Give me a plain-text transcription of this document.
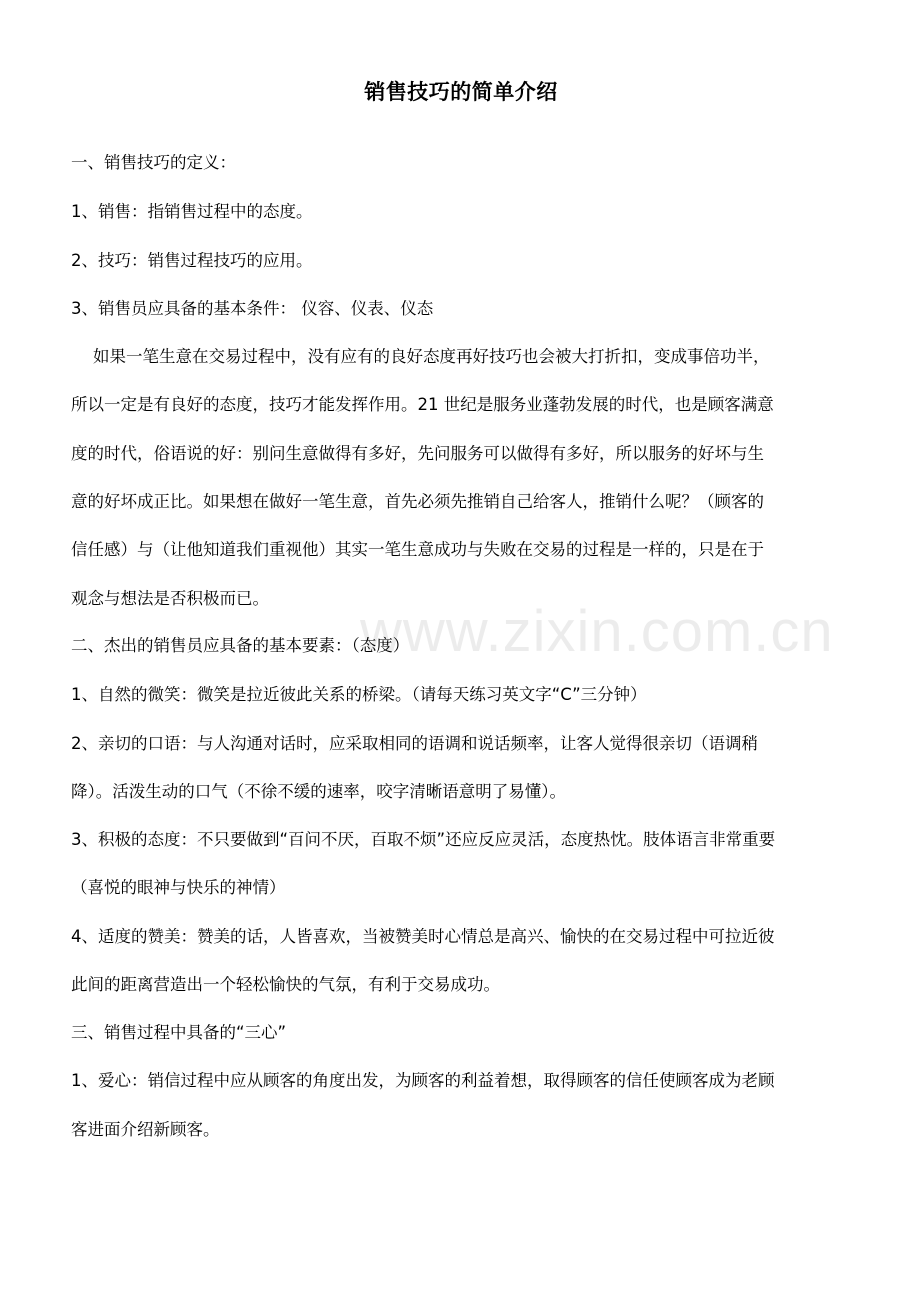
销售技巧的简单介绍
一、销售技巧的定义：
1、销售：指销售过程中的态度。
2、技巧：销售过程技巧的应用。
3、销售员应具备的基本条件： 仪容、仪表、仪态
如果一笔生意在交易过程中，没有应有的良好态度再好技巧也会被大打折扣，变成事倍功半，
所以一定是有良好的态度，技巧才能发挥作用。21 世纪是服务业蓬勃发展的时代，也是顾客满意
度的时代，俗语说的好：别问生意做得有多好，先问服务可以做得有多好，所以服务的好坏与生
意的好坏成正比。如果想在做好一笔生意，首先必须先推销自己给客人，推销什么呢？（顾客的
信任感）与（让他知道我们重视他）其实一笔生意成功与失败在交易的过程是一样的，只是在于
观念与想法是否积极而已。
二、杰出的销售员应具备的基本要素：（态度）
1、自然的微笑：微笑是拉近彼此关系的桥梁。（请每天练习英文字“C”三分钟）
2、亲切的口语：与人沟通对话时，应采取相同的语调和说话频率，让客人觉得很亲切（语调稍
降）。活泼生动的口气（不徐不缓的速率，咬字清晰语意明了易懂）。
3、积极的态度：不只要做到“百问不厌，百取不烦”还应反应灵活，态度热忱。肢体语言非常重要
（喜悦的眼神与快乐的神情）
4、适度的赞美：赞美的话，人皆喜欢，当被赞美时心情总是高兴、愉快的在交易过程中可拉近彼
此间的距离营造出一个轻松愉快的气氛，有利于交易成功。
三、销售过程中具备的“三心”
1、爱心：销信过程中应从顾客的角度出发，为顾客的利益着想，取得顾客的信任使顾客成为老顾
客进面介绍新顾客。
www.zixin.com.cn
